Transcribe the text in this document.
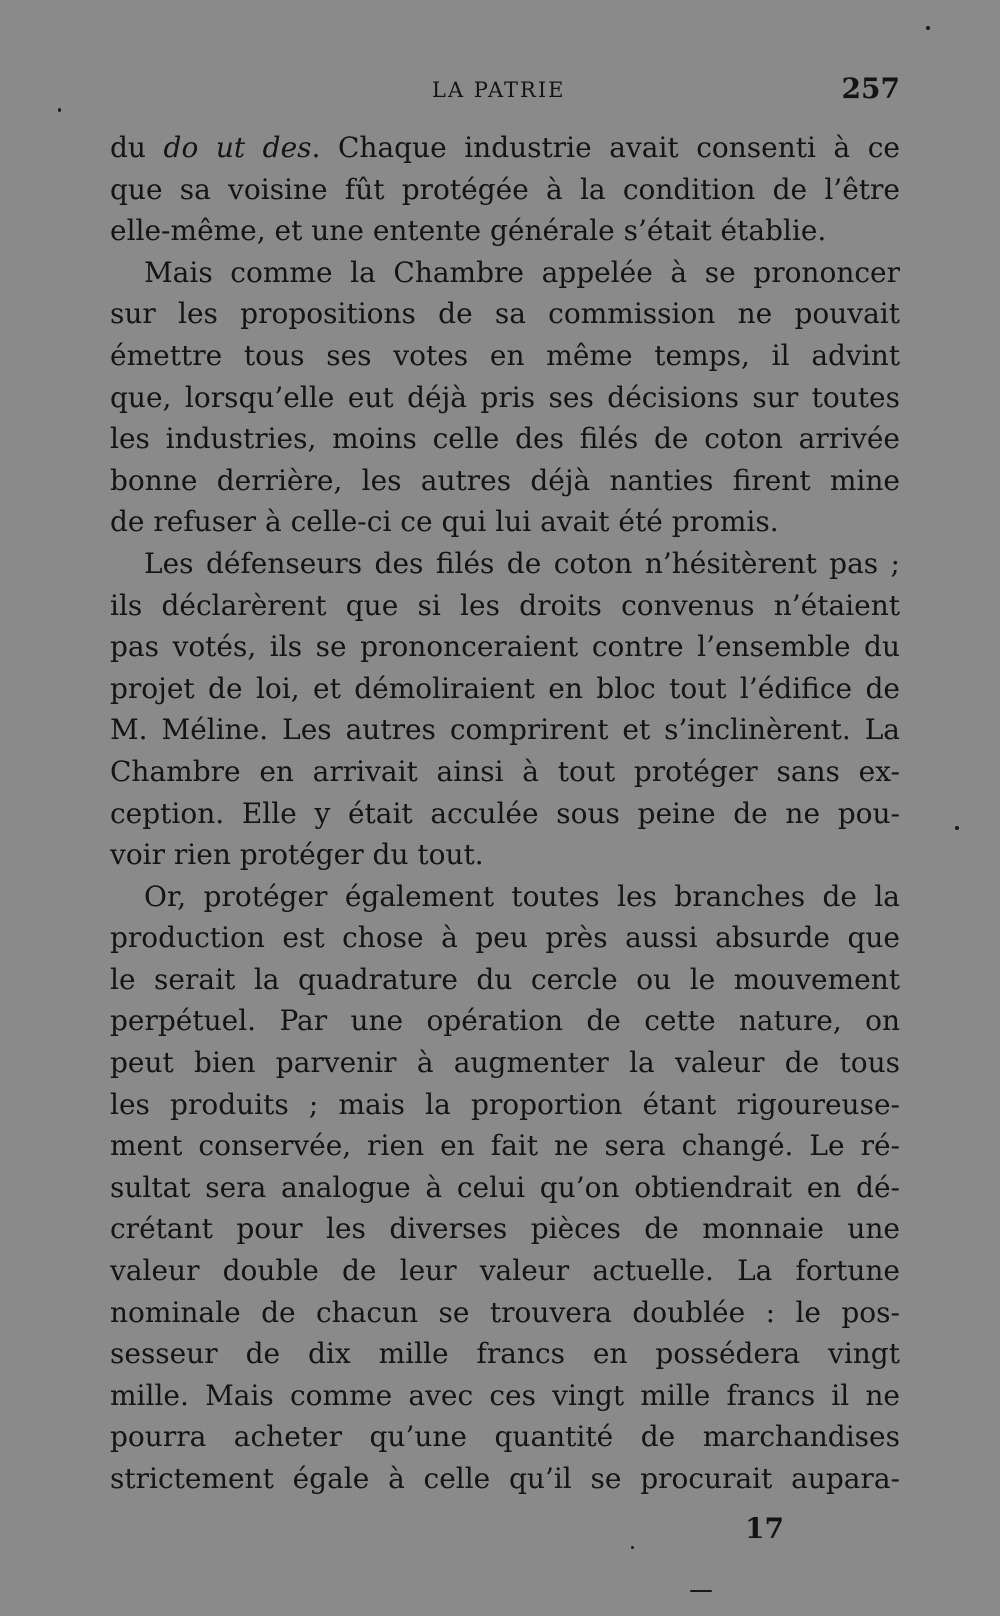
LA PATRIE	257
du do ut des. Chaque industrie avait consenti à ce
que sa voisine fût protégée à la condition de l’être
elle-même, et une entente générale s’était établie.
Mais comme la Chambre appelée à se prononcer
sur les propositions de sa commission ne pouvait
émettre tous ses votes en même temps, il advint
que, lorsqu’elle eut déjà pris ses décisions sur toutes
les industries, moins celle des filés de coton arrivée
bonne derrière, les autres déjà nanties firent mine
de refuser à celle-ci ce qui lui avait été promis.
Les défenseurs des filés de coton n’hésitèrent pas ;
ils déclarèrent que si les droits convenus n’étaient
pas votés, ils se prononceraient contre l’ensemble du
projet de loi, et démoliraient en bloc tout l’édifice de
M. Méline. Les autres comprirent et s’inclinèrent. La
Chambre en arrivait ainsi à tout protéger sans ex-
ception. Elle y était acculée sous peine de ne pou-
voir rien protéger du tout.
Or, protéger également toutes les branches de la
production est chose à peu près aussi absurde que
le serait la quadrature du cercle ou le mouvement
perpétuel. Par une opération de cette nature, on
peut bien parvenir à augmenter la valeur de tous
les produits ; mais la proportion étant rigoureuse-
ment conservée, rien en fait ne sera changé. Le ré-
sultat sera analogue à celui qu’on obtiendrait en dé-
crétant pour les diverses pièces de monnaie une
valeur double de leur valeur actuelle. La fortune
nominale de chacun se trouvera doublée : le pos-
sesseur de dix mille francs en possédera vingt
mille. Mais comme avec ces vingt mille francs il ne
pourra acheter qu’une quantité de marchandises
strictement égale à celle qu’il se procurait aupara-
17
